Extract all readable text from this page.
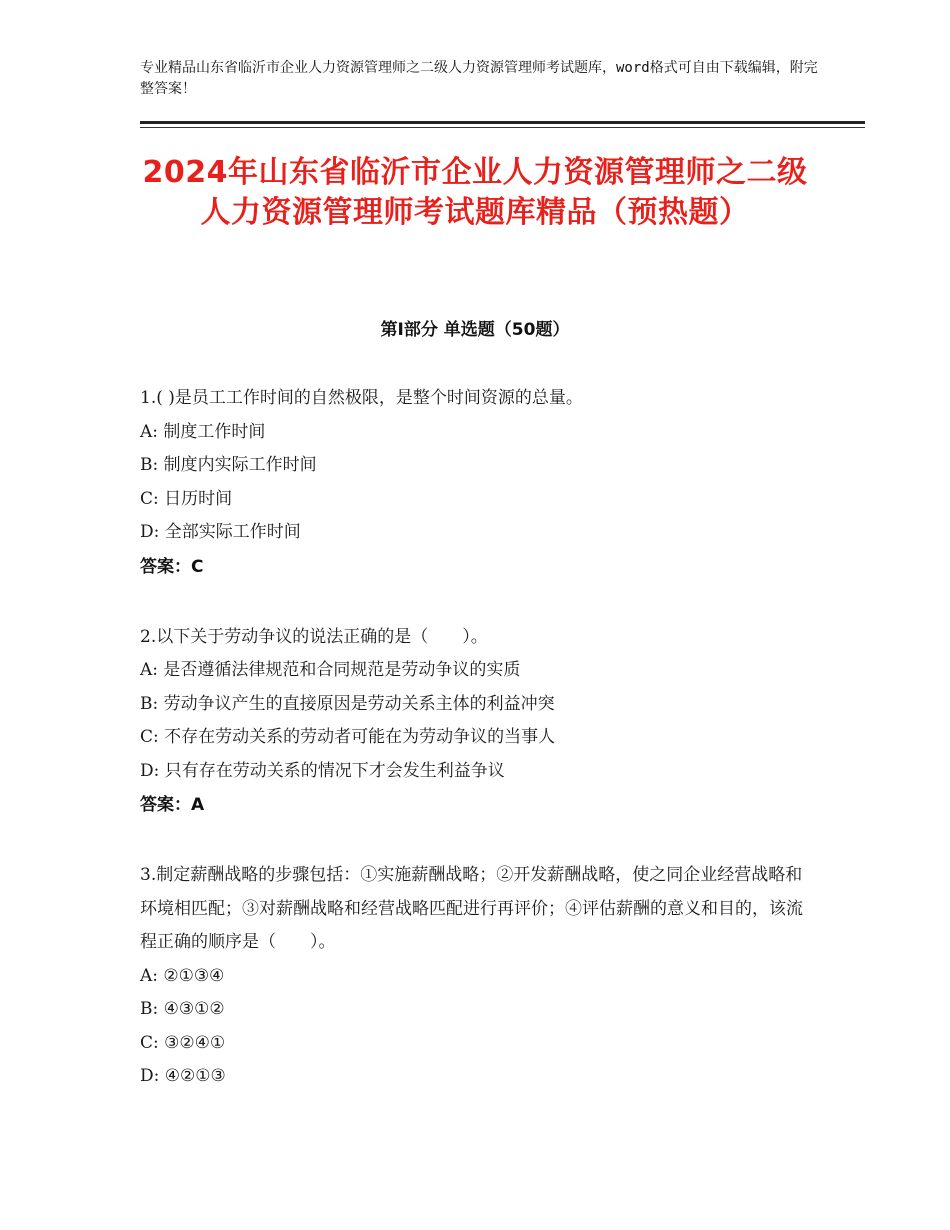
专业精品山东省临沂市企业人力资源管理师之二级人力资源管理师考试题库，word格式可自由下载编辑，附完整答案！
2024年山东省临沂市企业人力资源管理师之二级人力资源管理师考试题库精品（预热题）
第Ⅰ部分 单选题（50题）

1.( )是员工工作时间的自然极限，是整个时间资源的总量。

A: 制度工作时间

B: 制度内实际工作时间

C: 日历时间

D: 全部实际工作时间

答案：C

2.以下关于劳动争议的说法正确的是（　　）。

A: 是否遵循法律规范和合同规范是劳动争议的实质

B: 劳动争议产生的直接原因是劳动关系主体的利益冲突

C: 不存在劳动关系的劳动者可能在为劳动争议的当事人

D: 只有存在劳动关系的情况下才会发生利益争议

答案：A

3.制定薪酬战略的步骤包括：①实施薪酬战略；②开发薪酬战略，使之同企业经营战略和环境相匹配；③对薪酬战略和经营战略匹配进行再评价；④评估薪酬的意义和目的，该流程正确的顺序是（　　）。

A: ②①③④

B: ④③①②

C: ③②④①

D: ④②①③
